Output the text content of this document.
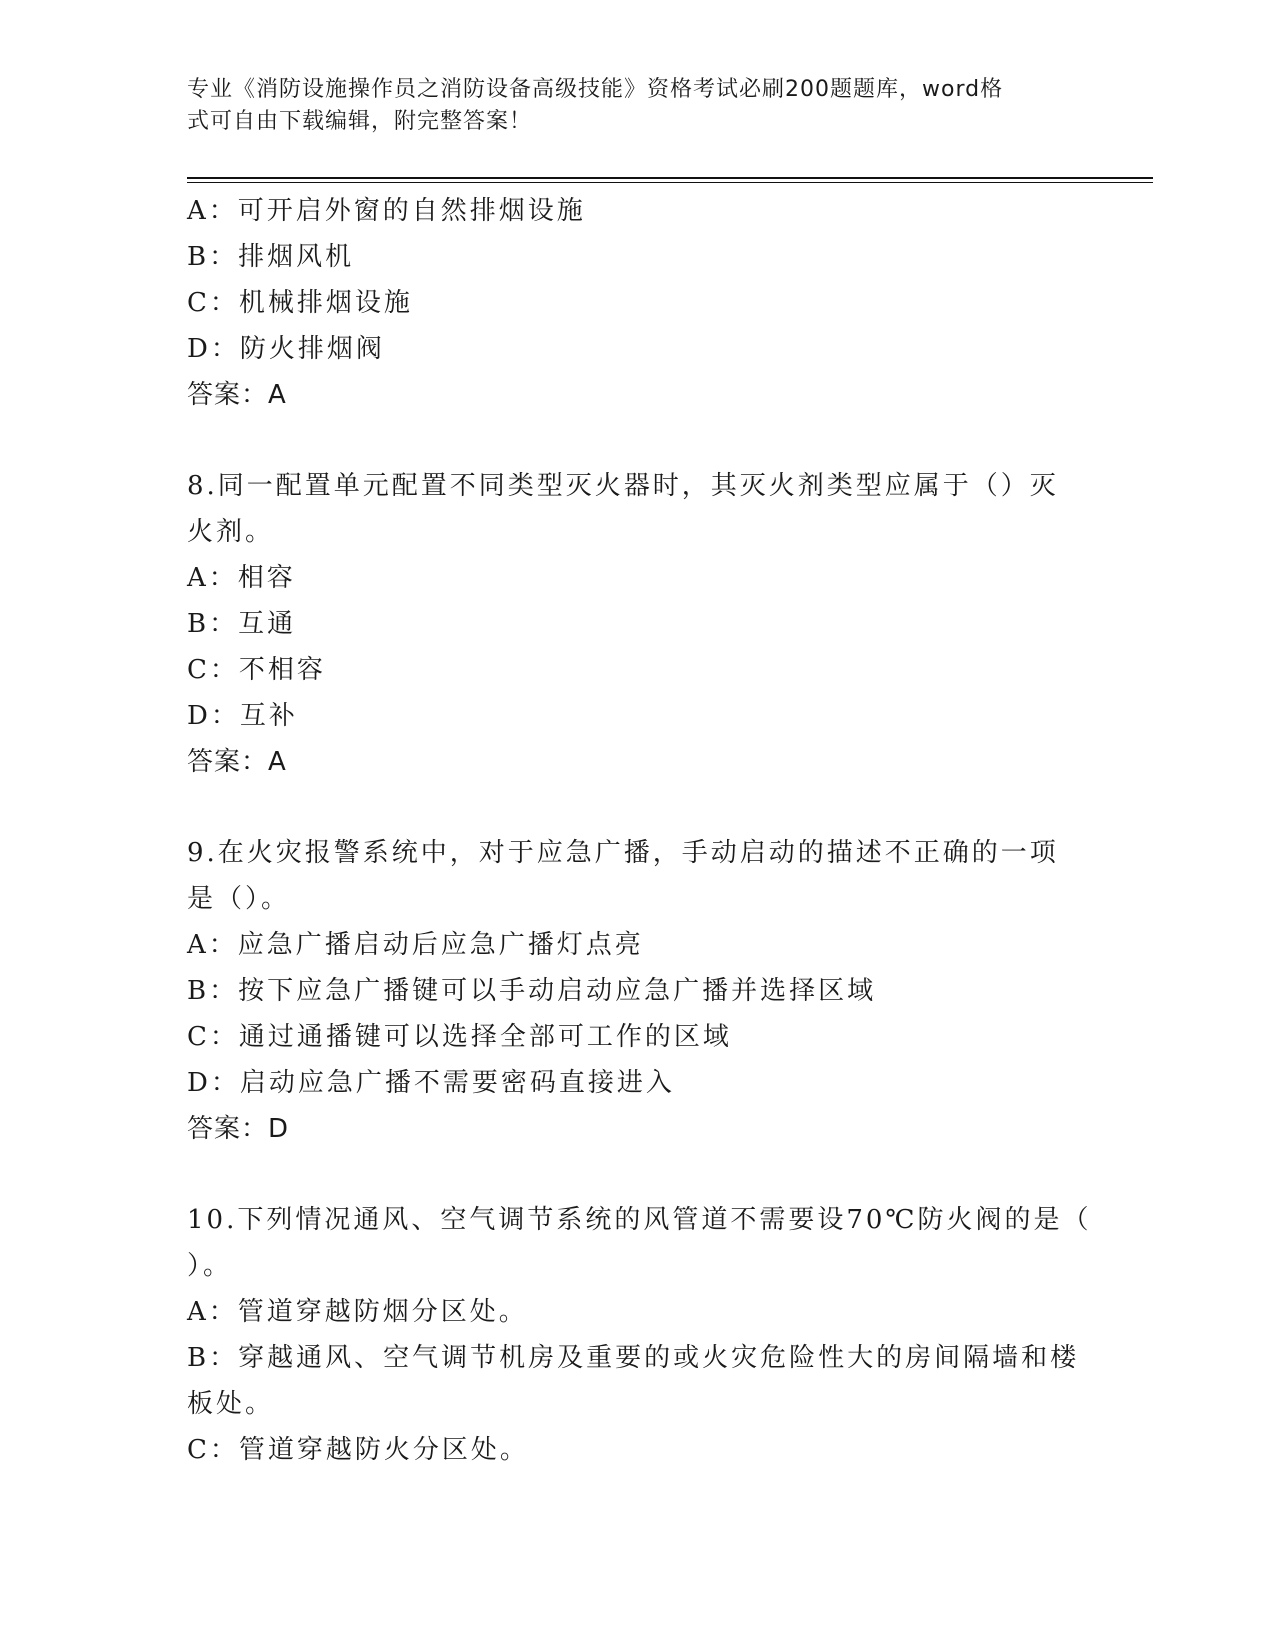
专业《消防设施操作员之消防设备高级技能》资格考试必刷200题题库，word格
式可自由下载编辑，附完整答案！
A：可开启外窗的自然排烟设施
B：排烟风机
C：机械排烟设施
D：防火排烟阀
答案：A
8.同一配置单元配置不同类型灭火器时，其灭火剂类型应属于（）灭
火剂。
A：相容
B：互通
C：不相容
D：互补
答案：A
9.在火灾报警系统中，对于应急广播，手动启动的描述不正确的一项
是（）。
A：应急广播启动后应急广播灯点亮
B：按下应急广播键可以手动启动应急广播并选择区域
C：通过通播键可以选择全部可工作的区域
D：启动应急广播不需要密码直接进入
答案：D
10.下列情况通风、空气调节系统的风管道不需要设70℃防火阀的是（
）。
A：管道穿越防烟分区处。
B：穿越通风、空气调节机房及重要的或火灾危险性大的房间隔墙和楼
板处。
C：管道穿越防火分区处。
